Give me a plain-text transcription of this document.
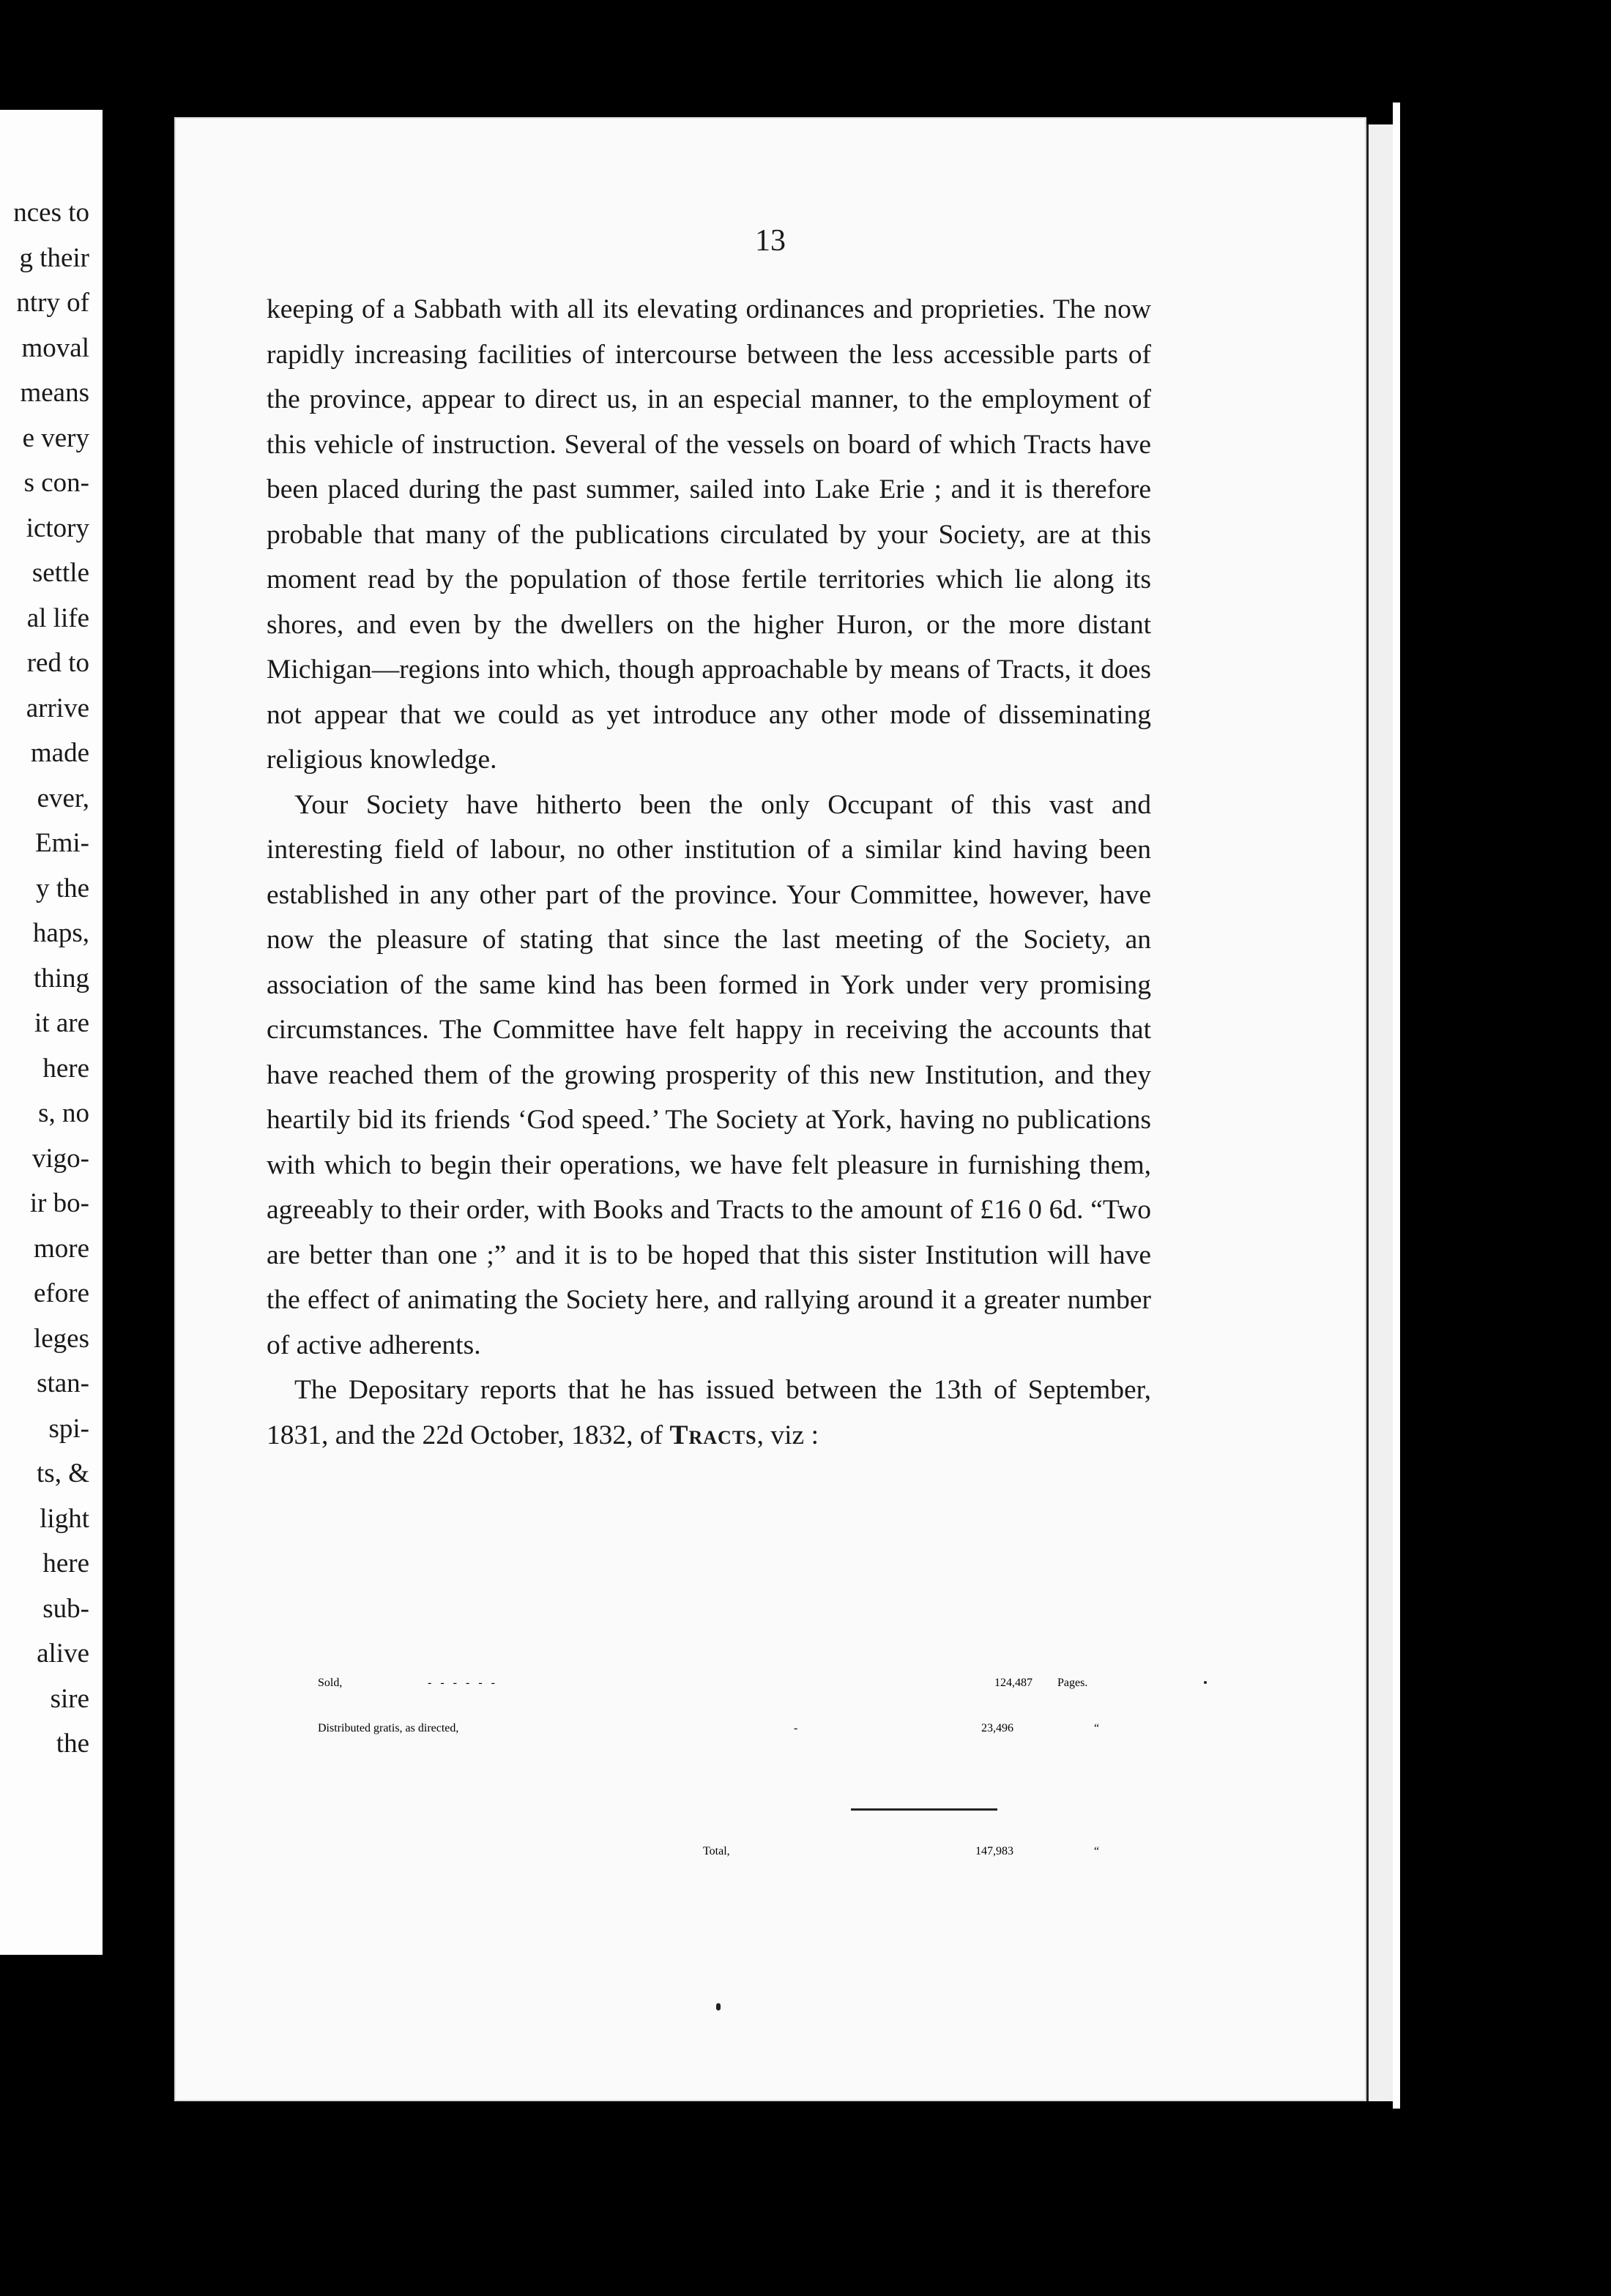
nces to
g their
ntry of
moval
means
e very
s con-
ictory
settle
al life
red to
arrive
made
ever,
Emi-
y the
haps,
thing
it are
here
s, no
vigo-
ir bo-
more
efore
leges
stan-
spi-
ts, &
light
here
sub-
alive
sire
the
13

keeping of a Sabbath with all its elevating ordinances and proprieties. The now rapidly increasing facilities of intercourse between the less accessible parts of the province, appear to direct us, in an especial manner, to the employment of this vehicle of instruction. Several of the vessels on board of which Tracts have been placed during the past summer, sailed into Lake Erie ; and it is therefore probable that many of the publications circulated by your Society, are at this moment read by the population of those fertile territories which lie along its shores, and even by the dwellers on the higher Huron, or the more distant Michigan—regions into which, though approachable by means of Tracts, it does not appear that we could as yet introduce any other mode of disseminating religious knowledge.

Your Society have hitherto been the only Occupant of this vast and interesting field of labour, no other institution of a similar kind having been established in any other part of the province. Your Committee, however, have now the pleasure of stating that since the last meeting of the Society, an association of the same kind has been formed in York under very promising circumstances. The Committee have felt happy in receiving the accounts that have reached them of the growing prosperity of this new Institution, and they heartily bid its friends ‘God speed.’ The Society at York, having no publications with which to begin their operations, we have felt pleasure in furnishing them, agreeably to their order, with Books and Tracts to the amount of £16 0 6d. “Two are better than one ;” and it is to be hoped that this sister Institution will have the effect of animating the Society here, and rallying around it a greater number of active adherents.

The Depositary reports that he has issued between the 13th of September, 1831, and the 22d October, 1832, of Tracts, viz :

Sold,	- - - - - -	124,487 Pages.
Distributed gratis, as directed,	-	23,496	“
Total,	147,983	“
